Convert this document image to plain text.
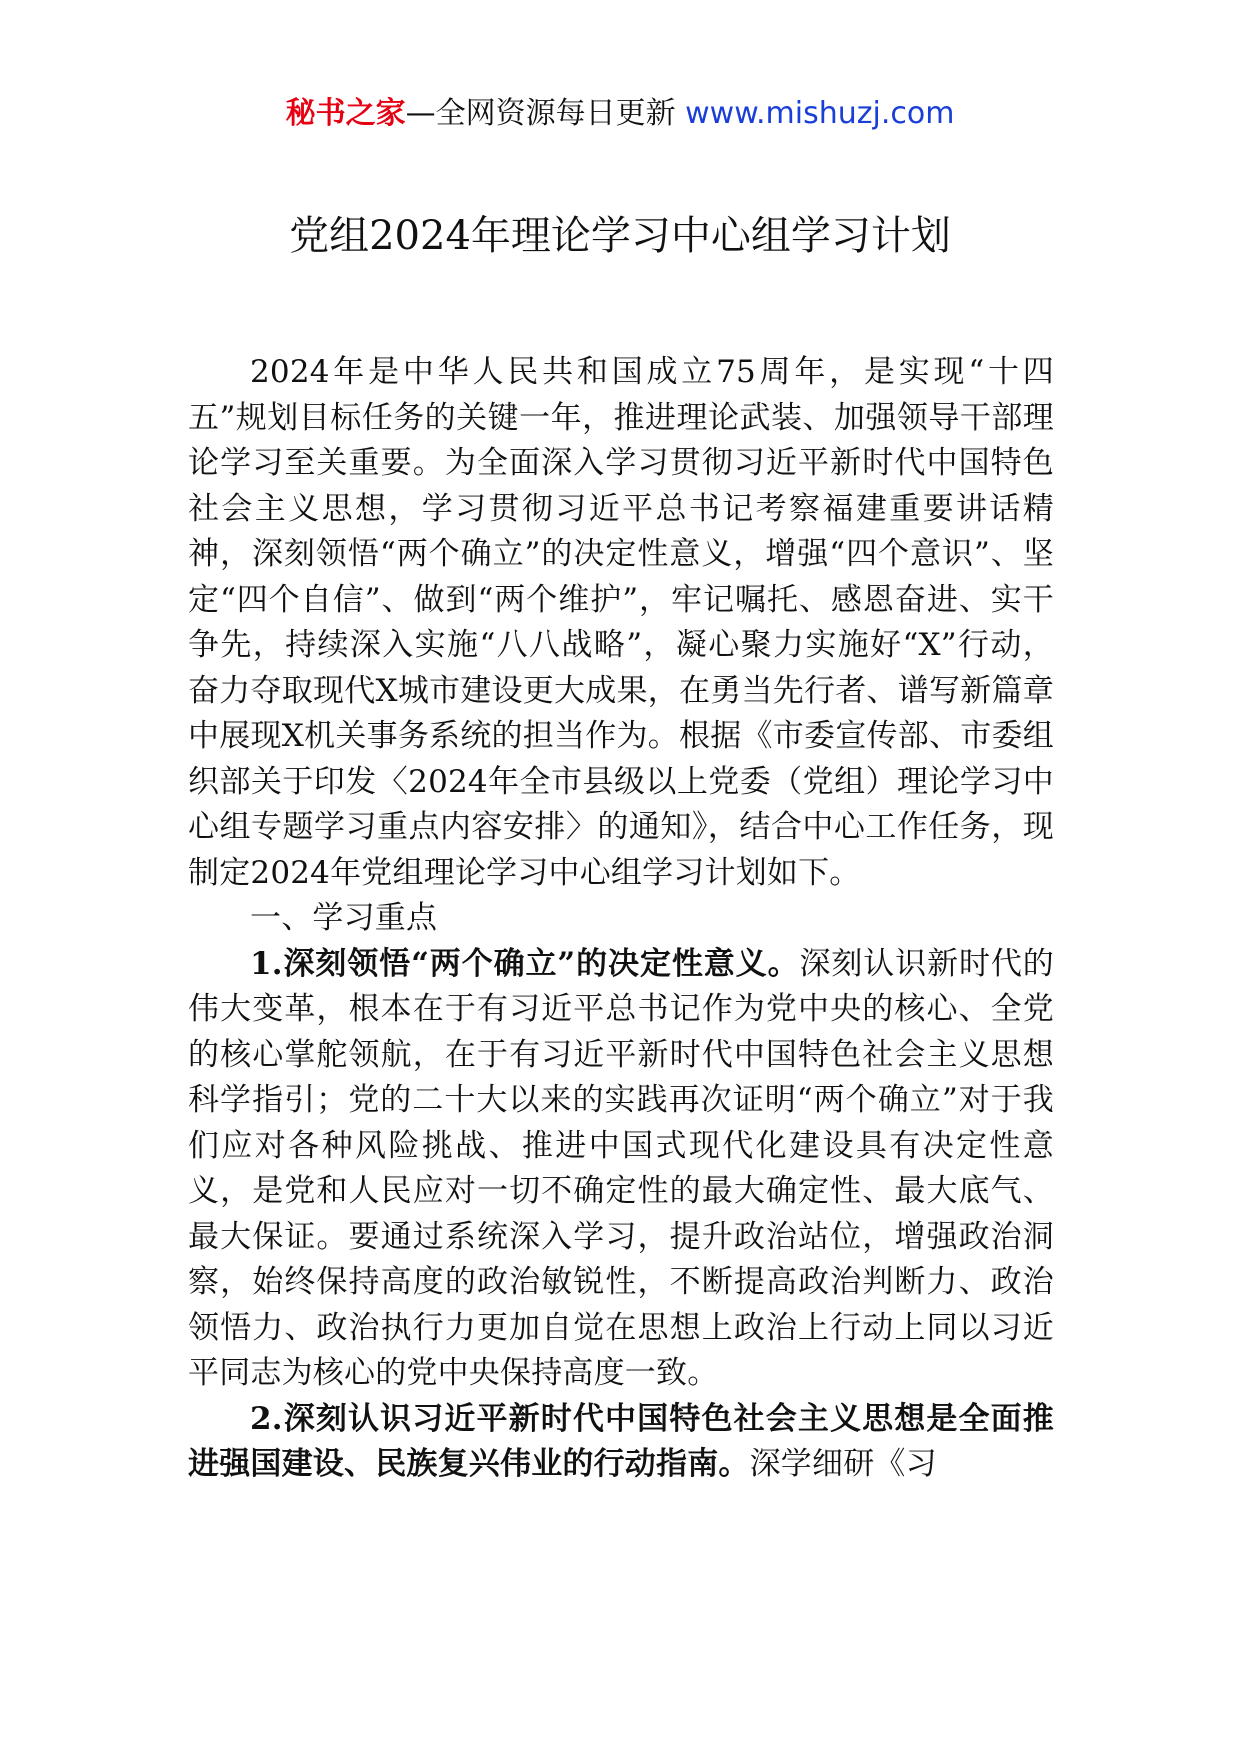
秘书之家—全网资源每日更新 www.mishuzj.com
党组2024年理论学习中心组学习计划

2024年是中华人民共和国成立75周年，是实现“十四五”规划目标任务的关键一年，推进理论武装、加强领导干部理论学习至关重要。为全面深入学习贯彻习近平新时代中国特色社会主义思想，学习贯彻习近平总书记考察福建重要讲话精神，深刻领悟“两个确立”的决定性意义，增强“四个意识”、坚定“四个自信”、做到“两个维护”，牢记嘱托、感恩奋进、实干争先，持续深入实施“八八战略”，凝心聚力实施好“X”行动，奋力夺取现代X城市建设更大成果，在勇当先行者、谱写新篇章中展现X机关事务系统的担当作为。根据《市委宣传部、市委组织部关于印发〈2024年全市县级以上党委（党组）理论学习中心组专题学习重点内容安排〉的通知》，结合中心工作任务，现制定2024年党组理论学习中心组学习计划如下。

一、学习重点

1.深刻领悟“两个确立”的决定性意义。深刻认识新时代的伟大变革，根本在于有习近平总书记作为党中央的核心、全党的核心掌舵领航，在于有习近平新时代中国特色社会主义思想科学指引；党的二十大以来的实践再次证明“两个确立”对于我们应对各种风险挑战、推进中国式现代化建设具有决定性意义，是党和人民应对一切不确定性的最大确定性、最大底气、最大保证。要通过系统深入学习，提升政治站位，增强政治洞察，始终保持高度的政治敏锐性，不断提高政治判断力、政治领悟力、政治执行力更加自觉在思想上政治上行动上同以习近平同志为核心的党中央保持高度一致。

2.深刻认识习近平新时代中国特色社会主义思想是全面推进强国建设、民族复兴伟业的行动指南。深学细研《习
